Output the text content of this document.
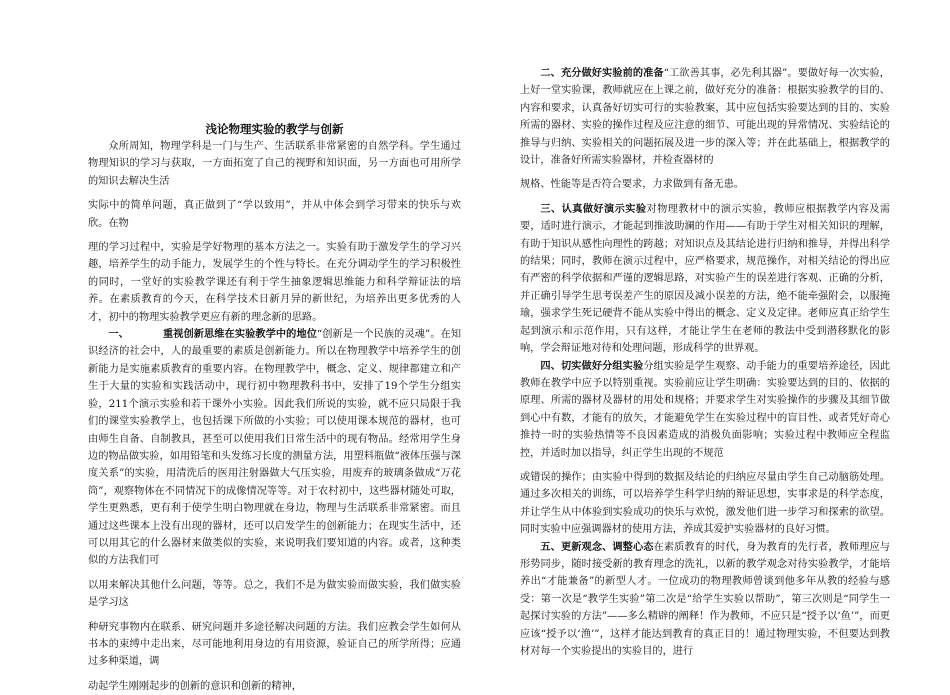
浅论物理实验的教学与创新

众所周知，物理学科是一门与生产、生活联系非常紧密的自然学科。学生通过物理知识的学习与获取，一方面拓宽了自己的视野和知识面，另一方面也可用所学的知识去解决生活

实际中的简单问题，真正做到了“学以致用”，并从中体会到学习带来的快乐与欢欣。在物

理的学习过程中，实验是学好物理的基本方法之一。实验有助于激发学生的学习兴趣，培养学生的动手能力，发展学生的个性与特长。在充分调动学生的学习积极性的同时，一堂好的实验教学课还有利于学生抽象逻辑思维能力和科学辩证法的培养。在素质教育的今天，在科学技术日新月异的新世纪，为培养出更多优秀的人才，初中的物理实验教学更应有新的理念新的思路。

一、	重视创新思维在实验教学中的地位“创新是一个民族的灵魂”。在知识经济的社会中，人的最重要的素质是创新能力。所以在物理教学中培养学生的创新能力是实施素质教育的重要内容。在物理教学中，概念、定义、规律都建立和产生于大量的实验和实践活动中，现行初中物理教科书中，安排了19个学生分组实验，211个演示实验和若干课外小实验。因此我们所说的实验，就不应只局限于我们的课堂实验教学上，也包括课下所做的小实验；可以使用课本规范的器材，也可由师生自备、自制教具，甚至可以使用我们日常生活中的现有物品。经常用学生身边的物品做实验，如用铅笔和头发练习长度的测量方法，用塑料瓶做“液体压强与深度关系”的实验，用清洗后的医用注射器做大气压实验，用废弃的玻璃条做成“万花筒”，观察物体在不同情况下的成像情况等等。对于农村初中，这些器材随处可取，学生更熟悉，更有利于使学生明白物理就在身边，物理与生活联系非常紧密。而且通过这些课本上没有出现的器材，还可以启发学生的创新能力；在现实生活中，还可以用其它的什么器材来做类似的实验，来说明我们要知道的内容。或者，这种类似的方法我们可

以用来解决其他什么问题，等等。总之，我们不是为做实验而做实验，我们做实验是学习这

种研究事物内在联系、研究问题并多途径解决问题的方法。我们应教会学生如何从书本的束缚中走出来，尽可能地利用身边的有用资源，验证自己的所学所得；应通过多种渠道，调

动起学生刚刚起步的创新的意识和创新的精神，

二、充分做好实验前的准备“工欲善其事，必先利其器”。要做好每一次实验，上好一堂实验课，教师就应在上课之前，做好充分的准备：根据实验教学的目的、内容和要求，认真备好切实可行的实验教案，其中应包括实验要达到的目的、实验所需的器材、实验的操作过程及应注意的细节、可能出现的异常情况、实验结论的推导与归纳、实验相关的问题拓展及进一步的深入等；并在此基础上，根据教学的设计，准备好所需实验器材，并检查器材的

规格、性能等是否符合要求，力求做到有备无患。

三、认真做好演示实验对物理教材中的演示实验，教师应根据教学内容及需要，适时进行演示，才能起到推波助澜的作用——有助于学生对相关知识的理解，有助于知识从感性向理性的跨越；对知识点及其结论进行归纳和推导，并得出科学的结果；同时，教师在演示过程中，应严格要求，规范操作，对相关结论的得出应有严密的科学依据和严谨的逻辑思路，对实验产生的误差进行客观、正确的分析，并正确引导学生思考误差产生的原因及减小误差的方法，绝不能牵强附会，以服掩瑜，强求学生死记硬背不能从实验中得出的概念、定义及定律。老师应真正给学生起到演示和示范作用，只有这样，才能让学生在老师的教法中受到潜移默化的影响，学会辩证地对待和处理问题，形成科学的世界观。

四、切实做好分组实验分组实验是学生观察、动手能力的重要培养途径，因此教师在教学中应予以特别重视。实验前应让学生明确：实验要达到的目的、依据的原理、所需的器材及器材的用处和规格；并要求学生对实验操作的步骤及其细节做到心中有数，才能有的放矢，才能避免学生在实验过程中的盲目性、或者凭好奇心推持一时的实验热情等不良因素造成的消极负面影响；实验过程中教师应全程监控，并适时加以指导，纠正学生出现的不规范

或错误的操作；由实验中得到的数据及结论的归纳应尽量由学生自己动脑筋处理。 通过多次相关的训练，可以培养学生科学归纳的辩证思想，实事求是的科学态度，并让学生从中体验到实验成功的快乐与欢悦，激发他们进一步学习和探索的欲望。同时实验中应强调器材的使用方法，养成其爱护实验器材的良好习惯。

五、更新观念、调整心态在素质教育的时代，身为教育的先行者，教师理应与形势同步，随时接受新的教育理念的洗礼，以新的教学观念对待实验教学，才能培养出“才能兼备”的新型人才。一位成功的物理教师曾谈到他多年从教的经验与感受：第一次是“教学生实验”第二次是“给学生实验以帮助”，第三次则是“同学生一起探讨实验的方法”——多么精辟的阐释！作为教师，不应只是“授予以‘鱼’”，而更应该“授予以‘渔’”，这样才能达到教育的真正目的！通过物理实验，不但要达到教材对每一个实验提出的实验目的，进行
